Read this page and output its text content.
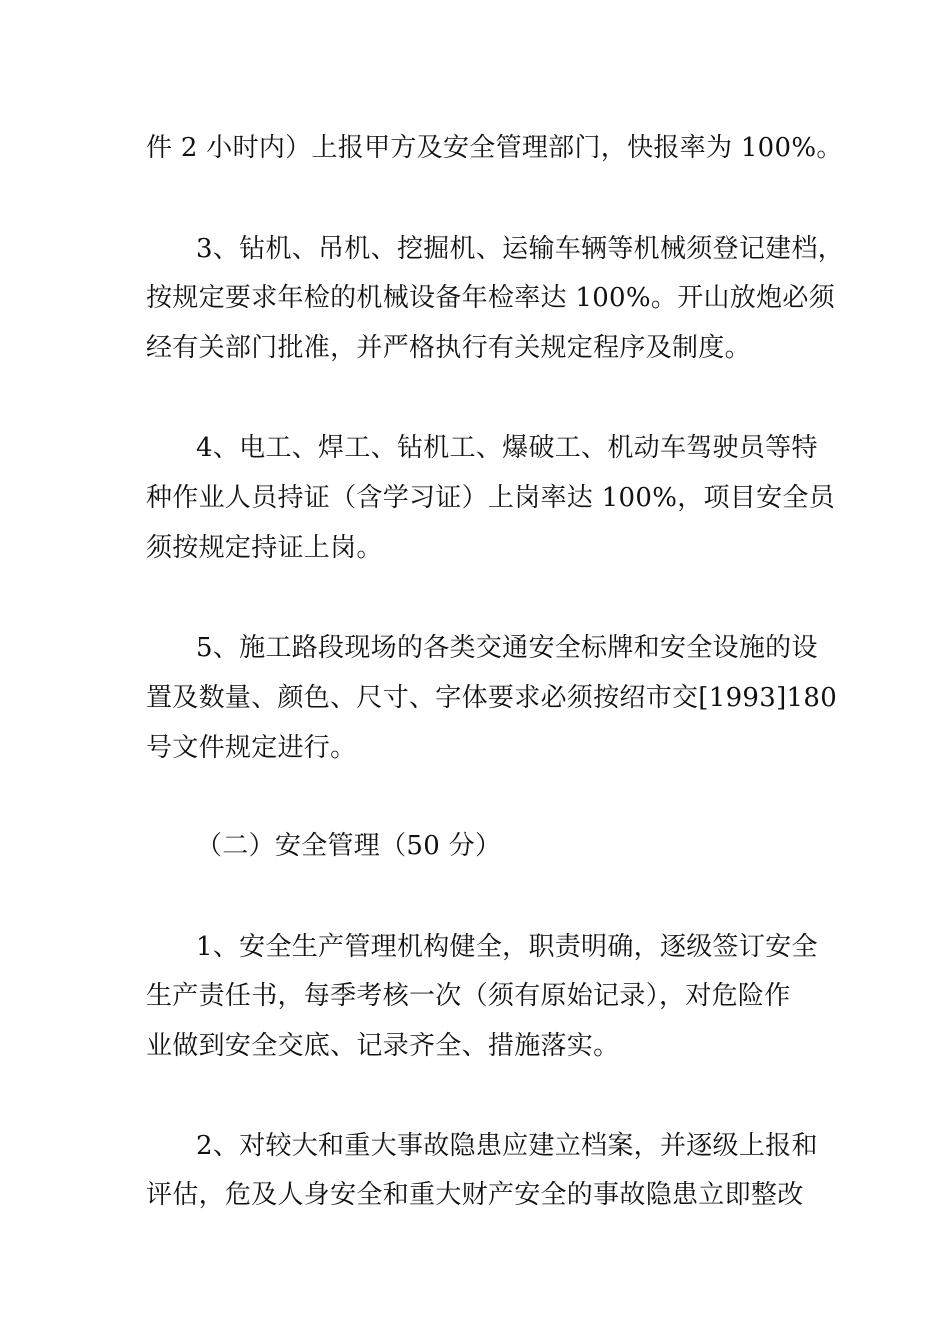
件 2 小时内）上报甲方及安全管理部门，快报率为 100%。
3、钻机、吊机、挖掘机、运输车辆等机械须登记建档，
按规定要求年检的机械设备年检率达 100%。开山放炮必须
经有关部门批准，并严格执行有关规定程序及制度。
4、电工、焊工、钻机工、爆破工、机动车驾驶员等特
种作业人员持证（含学习证）上岗率达 100%，项目安全员
须按规定持证上岗。
5、施工路段现场的各类交通安全标牌和安全设施的设
置及数量、颜色、尺寸、字体要求必须按绍市交[1993]180
号文件规定进行。
（二）安全管理（50 分）
1、安全生产管理机构健全，职责明确，逐级签订安全
生产责任书，每季考核一次（须有原始记录），对危险作
业做到安全交底、记录齐全、措施落实。
2、对较大和重大事故隐患应建立档案，并逐级上报和
评估，危及人身安全和重大财产安全的事故隐患立即整改
